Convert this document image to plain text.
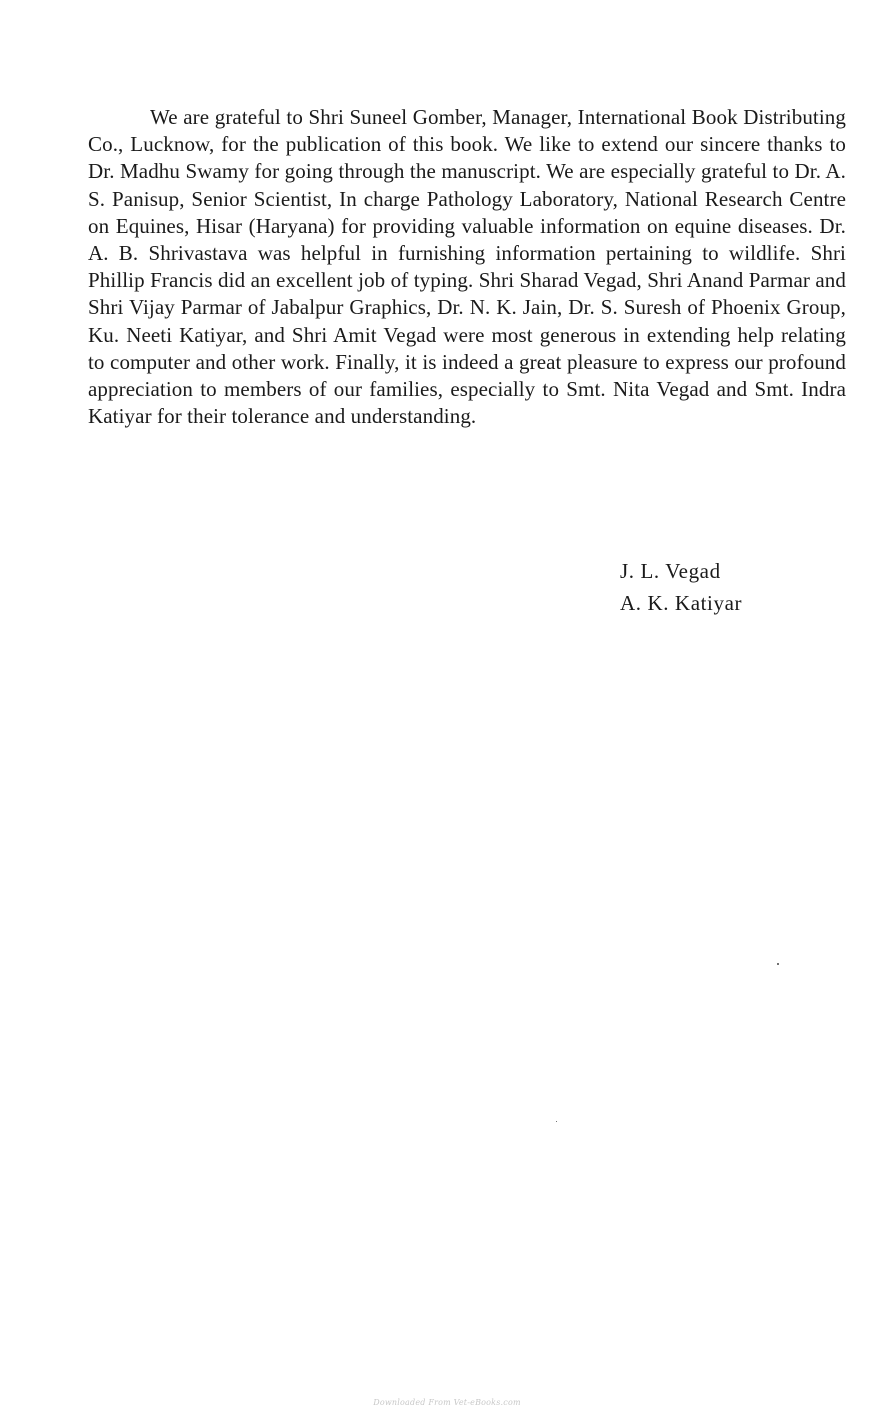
We are grateful to Shri Suneel Gomber, Manager, International Book Distributing Co., Lucknow, for the publication of this book. We like to extend our sincere thanks to Dr. Madhu Swamy for going through the manuscript. We are especially grateful to Dr. A. S. Panisup, Senior Scientist, In charge Pathology Laboratory, National Research Centre on Equines, Hisar (Haryana) for providing valuable information on equine diseases. Dr. A. B. Shrivastava was helpful in furnishing information pertaining to wildlife. Shri Phillip Francis did an excellent job of typing. Shri Sharad Vegad, Shri Anand Parmar and Shri Vijay Parmar of Jabalpur Graphics, Dr. N. K. Jain, Dr. S. Suresh of Phoenix Group, Ku. Neeti Katiyar, and Shri Amit Vegad were most generous in extending help relating to computer and other work. Finally, it is indeed a great pleasure to express our profound appreciation to members of our families, especially to Smt. Nita Vegad and Smt. Indra Katiyar for their tolerance and understanding.

J. L. Vegad
A. K. Katiyar
Downloaded From Vet-eBooks.com
